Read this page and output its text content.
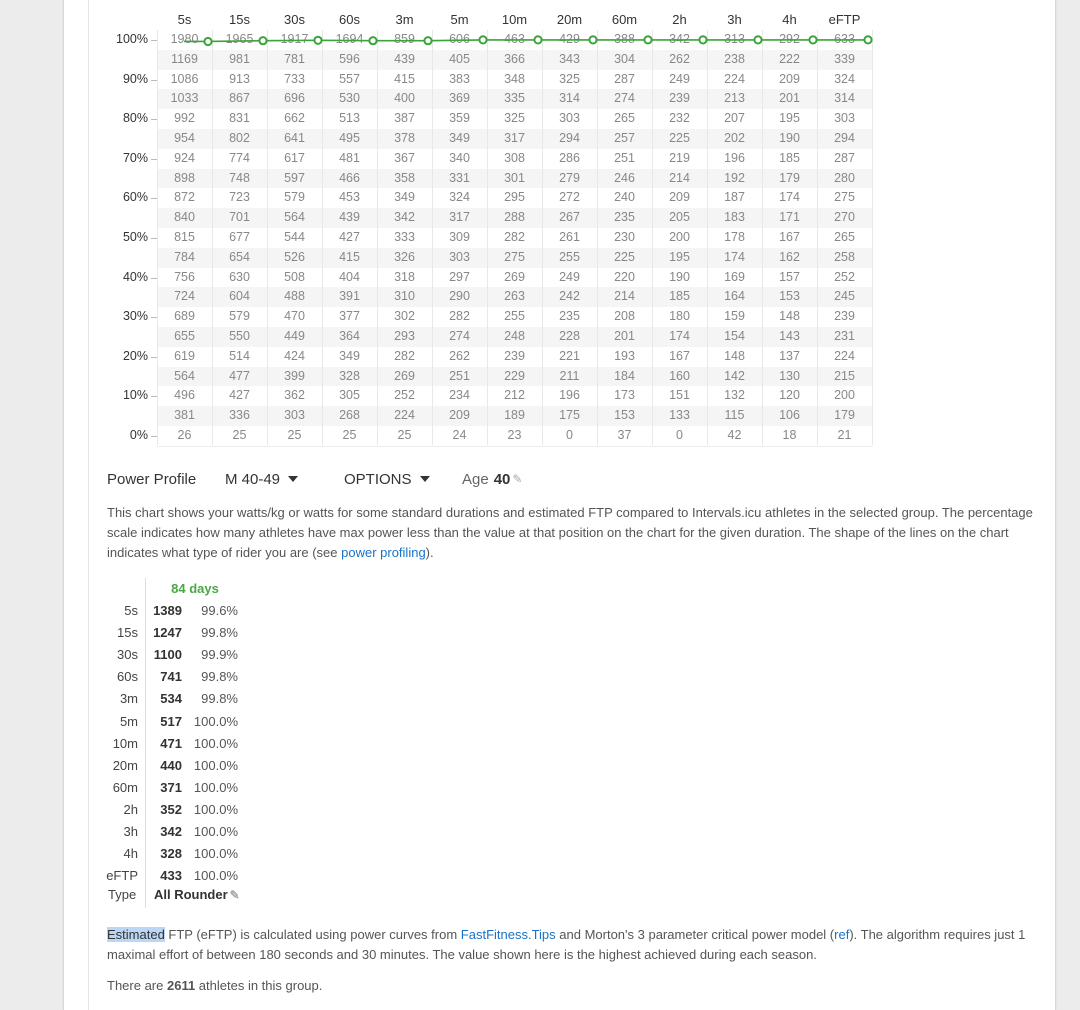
5s	15s	30s	60s	3m	5m	10m	20m	60m	2h	3h	4h	eFTP
1980	1965	1917	1694	859	606	463	429	388	342	313	292	633
1169	981	781	596	439	405	366	343	304	262	238	222	339
1086	913	733	557	415	383	348	325	287	249	224	209	324
1033	867	696	530	400	369	335	314	274	239	213	201	314
992	831	662	513	387	359	325	303	265	232	207	195	303
954	802	641	495	378	349	317	294	257	225	202	190	294
924	774	617	481	367	340	308	286	251	219	196	185	287
898	748	597	466	358	331	301	279	246	214	192	179	280
872	723	579	453	349	324	295	272	240	209	187	174	275
840	701	564	439	342	317	288	267	235	205	183	171	270
815	677	544	427	333	309	282	261	230	200	178	167	265
784	654	526	415	326	303	275	255	225	195	174	162	258
756	630	508	404	318	297	269	249	220	190	169	157	252
724	604	488	391	310	290	263	242	214	185	164	153	245
689	579	470	377	302	282	255	235	208	180	159	148	239
655	550	449	364	293	274	248	228	201	174	154	143	231
619	514	424	349	282	262	239	221	193	167	148	137	224
564	477	399	328	269	251	229	211	184	160	142	130	215
496	427	362	305	252	234	212	196	173	151	132	120	200
381	336	303	268	224	209	189	175	153	133	115	106	179
26	25	25	25	25	24	23	0	37	0	42	18	21
100%
90%
80%
70%
60%
50%
40%
30%
20%
10%
0%
Power Profile	M 40-49	OPTIONS	Age 40 ✎
This chart shows your watts/kg or watts for some standard durations and estimated FTP compared to Intervals.icu athletes in the selected group. The percentage scale indicates how many athletes have max power less than the value at that position on the chart for the given duration. The shape of the lines on the chart indicates what type of rider you are (see power profiling).
84 days
5s	1389	99.6%
15s	1247	99.8%
30s	1100	99.9%
60s	741	99.8%
3m	534	99.8%
5m	517 100.0%
10m	471 100.0%
20m	440 100.0%
60m	371 100.0%
2h	352 100.0%
3h	342 100.0%
4h	328 100.0%
eFTP	433 100.0%
Type All Rounder ✎
Estimated FTP (eFTP) is calculated using power curves from FastFitness.Tips and Morton's 3 parameter critical power model (ref). The algorithm requires just 1 maximal effort of between 180 seconds and 30 minutes. The value shown here is the highest achieved during each season.
There are 2611 athletes in this group.
